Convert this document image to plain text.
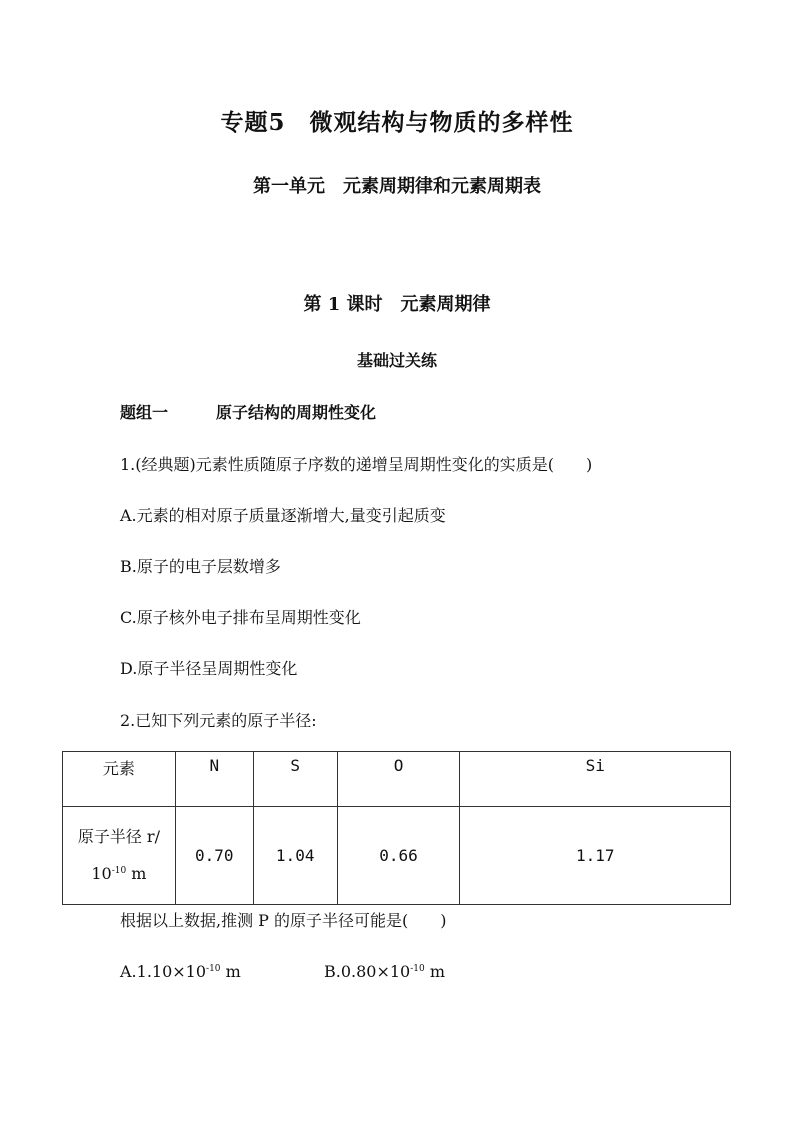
专题5　微观结构与物质的多样性
第一单元　元素周期律和元素周期表
第 1 课时　元素周期律
基础过关练
题组一	原子结构的周期性变化
1.(经典题)元素性质随原子序数的递增呈周期性变化的实质是(　　)
A.元素的相对原子质量逐渐增大,量变引起质变
B.原子的电子层数增多
C.原子核外电子排布呈周期性变化
D.原子半径呈周期性变化
2.已知下列元素的原子半径:
元素	N	S	O	Si
原子半径 r/
$10^{-10}$ m	0.70	1.04	0.66	1.17
根据以上数据,推测 P 的原子半径可能是(　　)
$A.1.10\times 10^{-10}$ m	$B.0.80\times 10^{-10}$ m
